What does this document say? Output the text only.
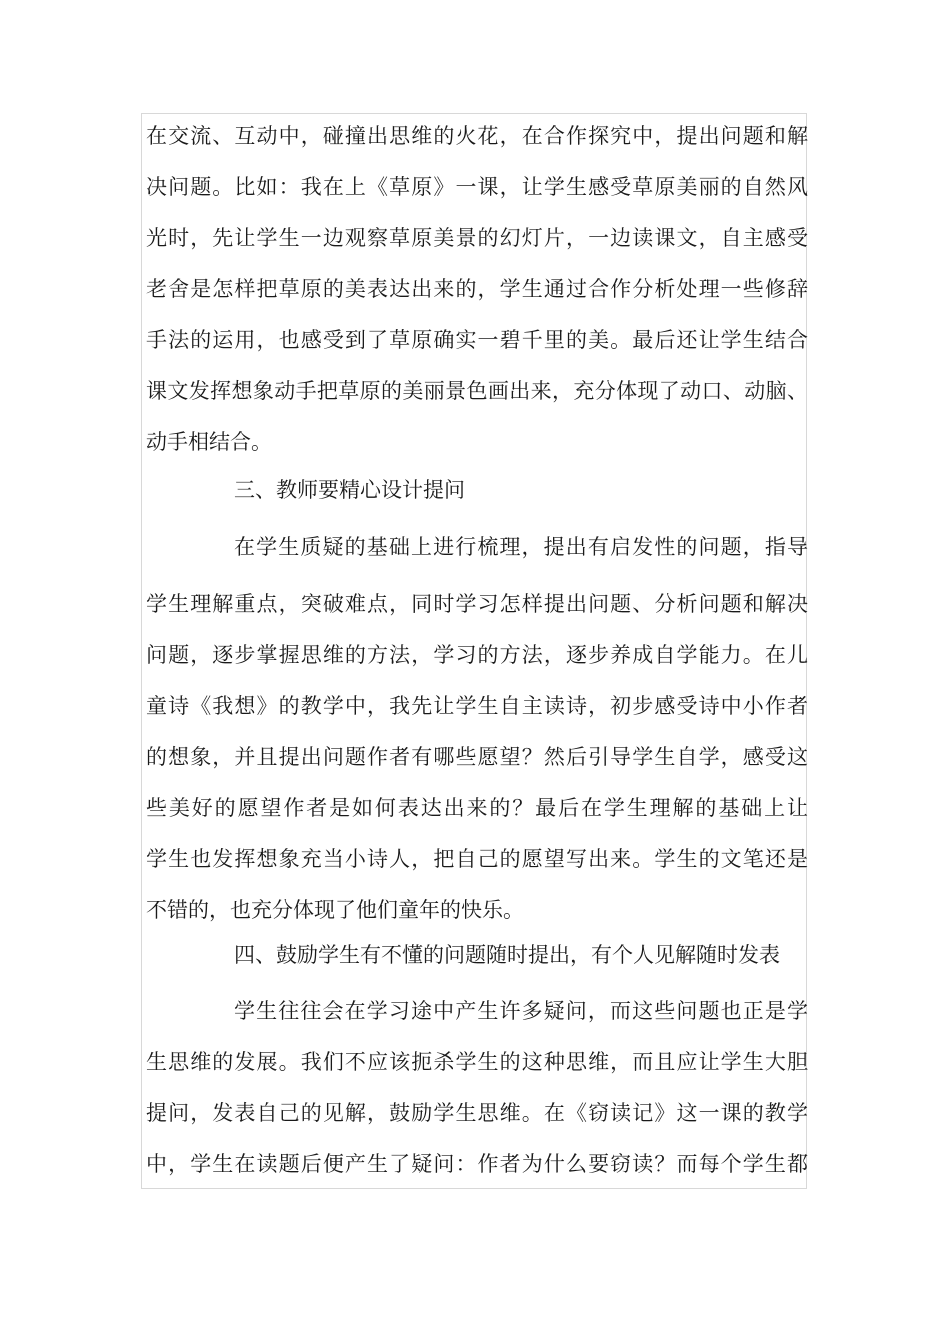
在交流、互动中，碰撞出思维的火花，在合作探究中，提出问题和解
决问题。比如：我在上《草原》一课，让学生感受草原美丽的自然风
光时，先让学生一边观察草原美景的幻灯片，一边读课文，自主感受
老舍是怎样把草原的美表达出来的，学生通过合作分析处理一些修辞
手法的运用，也感受到了草原确实一碧千里的美。最后还让学生结合
课文发挥想象动手把草原的美丽景色画出来，充分体现了动口、动脑、
动手相结合。
三、教师要精心设计提问
在学生质疑的基础上进行梳理，提出有启发性的问题，指导
学生理解重点，突破难点，同时学习怎样提出问题、分析问题和解决
问题，逐步掌握思维的方法，学习的方法，逐步养成自学能力。在儿
童诗《我想》的教学中，我先让学生自主读诗，初步感受诗中小作者
的想象，并且提出问题作者有哪些愿望？然后引导学生自学，感受这
些美好的愿望作者是如何表达出来的？最后在学生理解的基础上让
学生也发挥想象充当小诗人，把自己的愿望写出来。学生的文笔还是
不错的，也充分体现了他们童年的快乐。
四、鼓励学生有不懂的问题随时提出，有个人见解随时发表
学生往往会在学习途中产生许多疑问，而这些问题也正是学
生思维的发展。我们不应该扼杀学生的这种思维，而且应让学生大胆
提问，发表自己的见解，鼓励学生思维。在《窃读记》这一课的教学
中，学生在读题后便产生了疑问：作者为什么要窃读？而每个学生都
